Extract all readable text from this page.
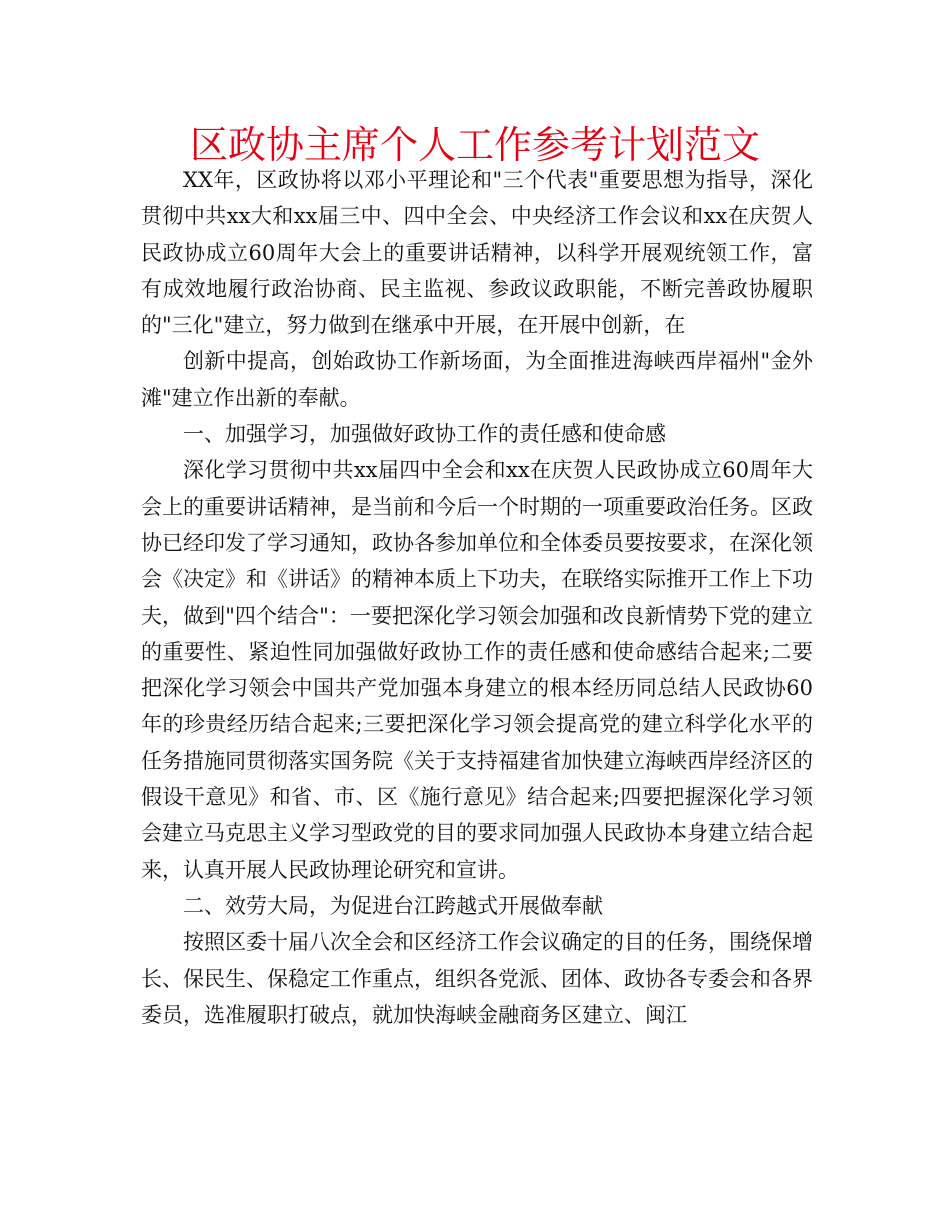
区政协主席个人工作参考计划范文

XX年，区政协将以邓小平理论和"三个代表"重要思想为指导，深化贯彻中共xx大和xx届三中、四中全会、中央经济工作会议和xx在庆贺人民政协成立60周年大会上的重要讲话精神，以科学开展观统领工作，富有成效地履行政治协商、民主监视、参政议政职能，不断完善政协履职的"三化"建立，努力做到在继承中开展，在开展中创新，在

创新中提高，创始政协工作新场面，为全面推进海峡西岸福州"金外滩"建立作出新的奉献。

一、加强学习，加强做好政协工作的责任感和使命感

深化学习贯彻中共xx届四中全会和xx在庆贺人民政协成立60周年大会上的重要讲话精神，是当前和今后一个时期的一项重要政治任务。区政协已经印发了学习通知，政协各参加单位和全体委员要按要求，在深化领会《决定》和《讲话》的精神本质上下功夫，在联络实际推开工作上下功夫，做到"四个结合"：一要把深化学习领会加强和改良新情势下党的建立的重要性、紧迫性同加强做好政协工作的责任感和使命感结合起来;二要把深化学习领会中国共产党加强本身建立的根本经历同总结人民政协60年的珍贵经历结合起来;三要把深化学习领会提高党的建立科学化水平的任务措施同贯彻落实国务院《关于支持福建省加快建立海峡西岸经济区的假设干意见》和省、市、区《施行意见》结合起来;四要把握深化学习领会建立马克思主义学习型政党的目的要求同加强人民政协本身建立结合起来，认真开展人民政协理论研究和宣讲。

二、效劳大局，为促进台江跨越式开展做奉献

按照区委十届八次全会和区经济工作会议确定的目的任务，围绕保增长、保民生、保稳定工作重点，组织各党派、团体、政协各专委会和各界委员，选准履职打破点，就加快海峡金融商务区建立、闽江
